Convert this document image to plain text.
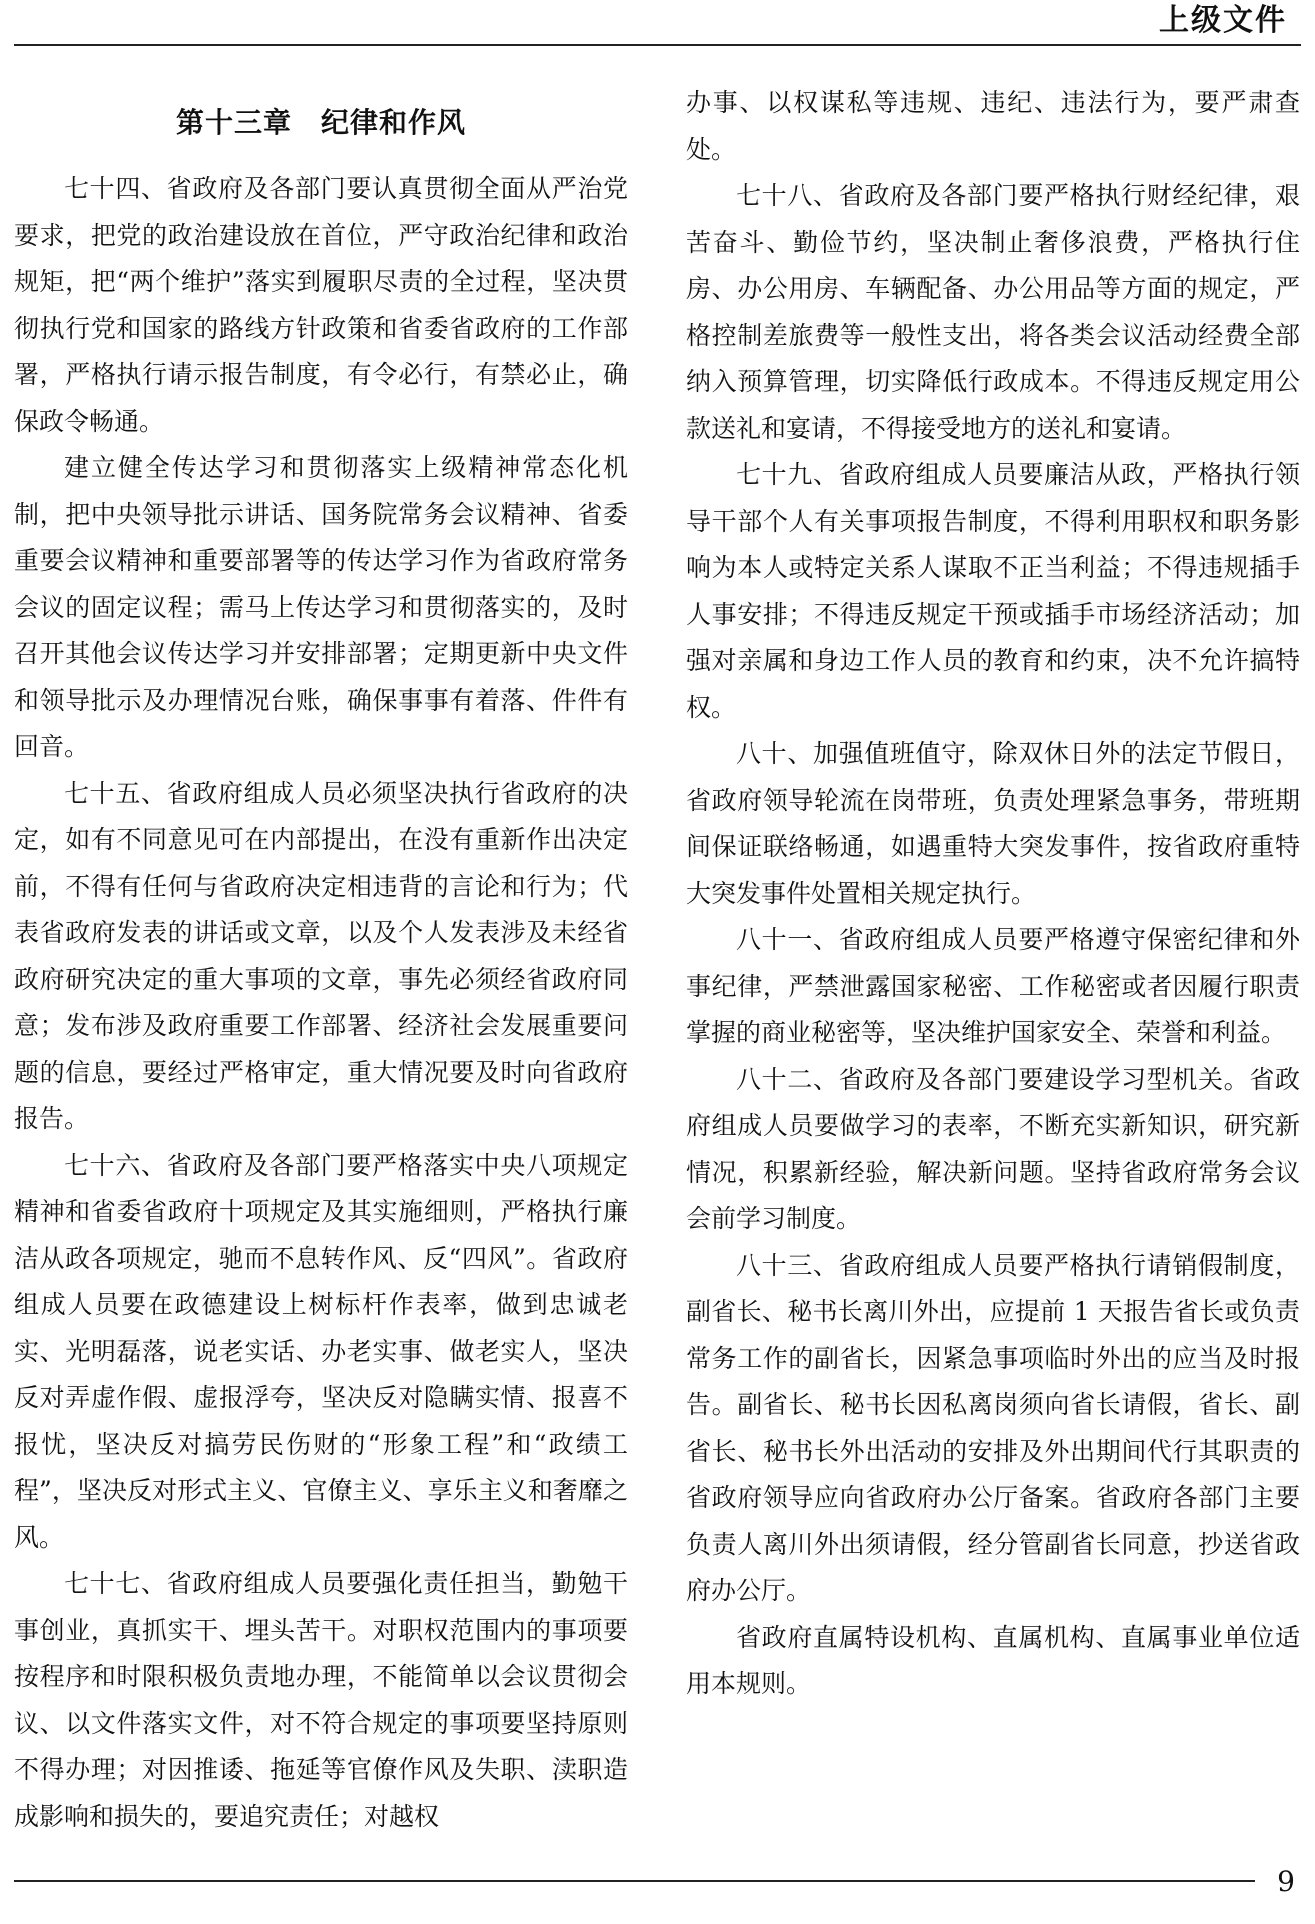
上级文件
第十三章　纪律和作风

七十四、省政府及各部门要认真贯彻全面从严治党要求，把党的政治建设放在首位，严守政治纪律和政治规矩，把“两个维护”落实到履职尽责的全过程，坚决贯彻执行党和国家的路线方针政策和省委省政府的工作部署，严格执行请示报告制度，有令必行，有禁必止，确保政令畅通。

建立健全传达学习和贯彻落实上级精神常态化机制，把中央领导批示讲话、国务院常务会议精神、省委重要会议精神和重要部署等的传达学习作为省政府常务会议的固定议程；需马上传达学习和贯彻落实的，及时召开其他会议传达学习并安排部署；定期更新中央文件和领导批示及办理情况台账，确保事事有着落、件件有回音。

七十五、省政府组成人员必须坚决执行省政府的决定，如有不同意见可在内部提出，在没有重新作出决定前，不得有任何与省政府决定相违背的言论和行为；代表省政府发表的讲话或文章，以及个人发表涉及未经省政府研究决定的重大事项的文章，事先必须经省政府同意；发布涉及政府重要工作部署、经济社会发展重要问题的信息，要经过严格审定，重大情况要及时向省政府报告。

七十六、省政府及各部门要严格落实中央八项规定精神和省委省政府十项规定及其实施细则，严格执行廉洁从政各项规定，驰而不息转作风、反“四风”。省政府组成人员要在政德建设上树标杆作表率，做到忠诚老实、光明磊落，说老实话、办老实事、做老实人，坚决反对弄虚作假、虚报浮夸，坚决反对隐瞒实情、报喜不报忧，坚决反对搞劳民伤财的“形象工程”和“政绩工程”，坚决反对形式主义、官僚主义、享乐主义和奢靡之风。

七十七、省政府组成人员要强化责任担当，勤勉干事创业，真抓实干、埋头苦干。对职权范围内的事项要按程序和时限积极负责地办理，不能简单以会议贯彻会议、以文件落实文件，对不符合规定的事项要坚持原则不得办理；对因推诿、拖延等官僚作风及失职、渎职造成影响和损失的，要追究责任；对越权

办事、以权谋私等违规、违纪、违法行为，要严肃查处。

七十八、省政府及各部门要严格执行财经纪律，艰苦奋斗、勤俭节约，坚决制止奢侈浪费，严格执行住房、办公用房、车辆配备、办公用品等方面的规定，严格控制差旅费等一般性支出，将各类会议活动经费全部纳入预算管理，切实降低行政成本。不得违反规定用公款送礼和宴请，不得接受地方的送礼和宴请。

七十九、省政府组成人员要廉洁从政，严格执行领导干部个人有关事项报告制度，不得利用职权和职务影响为本人或特定关系人谋取不正当利益；不得违规插手人事安排；不得违反规定干预或插手市场经济活动；加强对亲属和身边工作人员的教育和约束，决不允许搞特权。

八十、加强值班值守，除双休日外的法定节假日，省政府领导轮流在岗带班，负责处理紧急事务，带班期间保证联络畅通，如遇重特大突发事件，按省政府重特大突发事件处置相关规定执行。

八十一、省政府组成人员要严格遵守保密纪律和外事纪律，严禁泄露国家秘密、工作秘密或者因履行职责掌握的商业秘密等，坚决维护国家安全、荣誉和利益。

八十二、省政府及各部门要建设学习型机关。省政府组成人员要做学习的表率，不断充实新知识，研究新情况，积累新经验，解决新问题。坚持省政府常务会议会前学习制度。

八十三、省政府组成人员要严格执行请销假制度，副省长、秘书长离川外出，应提前 1 天报告省长或负责常务工作的副省长，因紧急事项临时外出的应当及时报告。副省长、秘书长因私离岗须向省长请假，省长、副省长、秘书长外出活动的安排及外出期间代行其职责的省政府领导应向省政府办公厅备案。省政府各部门主要负责人离川外出须请假，经分管副省长同意，抄送省政府办公厅。

省政府直属特设机构、直属机构、直属事业单位适用本规则。

9
